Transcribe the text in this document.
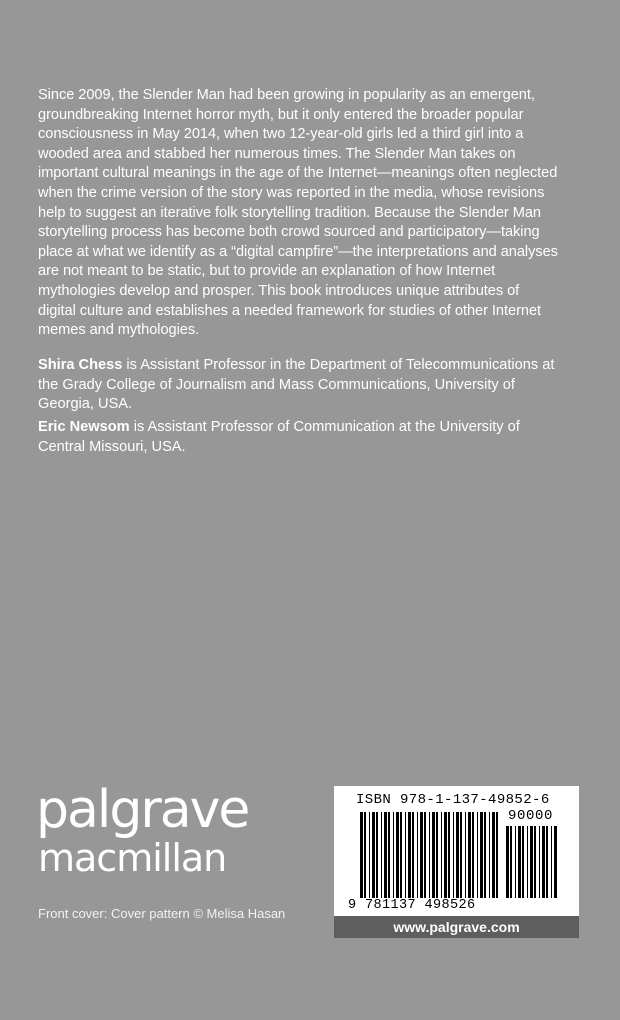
Since 2009, the Slender Man had been growing in popularity as an emergent, groundbreaking Internet horror myth, but it only entered the broader popular consciousness in May 2014, when two 12-year-old girls led a third girl into a wooded area and stabbed her numerous times. The Slender Man takes on important cultural meanings in the age of the Internet—meanings often neglected when the crime version of the story was reported in the media, whose revisions help to suggest an iterative folk storytelling tradition. Because the Slender Man storytelling process has become both crowd sourced and participatory—taking place at what we identify as a “digital campfire”—the interpretations and analyses are not meant to be static, but to provide an explanation of how Internet mythologies develop and prosper. This book introduces unique attributes of digital culture and establishes a needed framework for studies of other Internet memes and mythologies.

Shira Chess is Assistant Professor in the Department of Telecommunications at the Grady College of Journalism and Mass Communications, University of Georgia, USA.

Eric Newsom is Assistant Professor of Communication at the University of Central Missouri, USA.

palgrave
macmillan

Front cover: Cover pattern © Melisa Hasan

ISBN 978-1-137-49852-6
90000
9 781137 498526
www.palgrave.com
